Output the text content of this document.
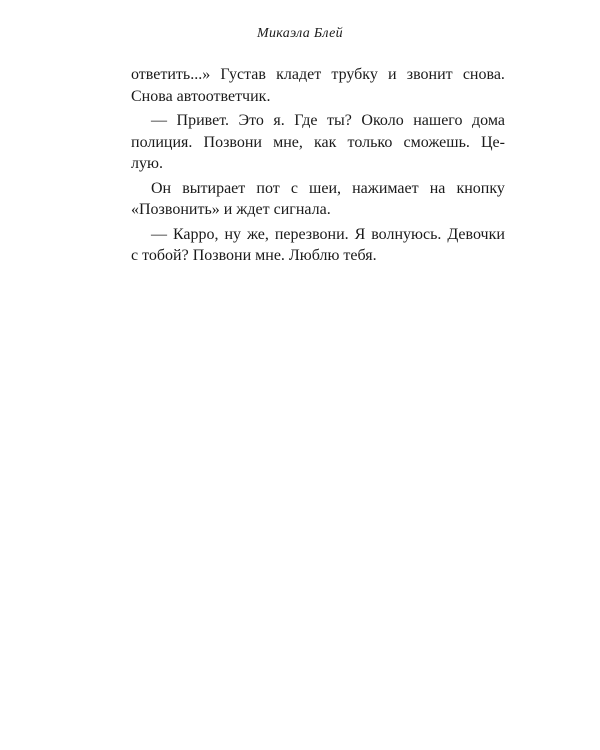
Микаэла Блей

ответить...» Густав кладет трубку и звонит снова.
Снова автоответчик.

— Привет. Это я. Где ты? Около нашего дома
полиция. Позвони мне, как только сможешь. Це-
лую.

Он вытирает пот с шеи, нажимает на кнопку
«Позвонить» и ждет сигнала.

— Карро, ну же, перезвони. Я волнуюсь. Девочки
с тобой? Позвони мне. Люблю тебя.
